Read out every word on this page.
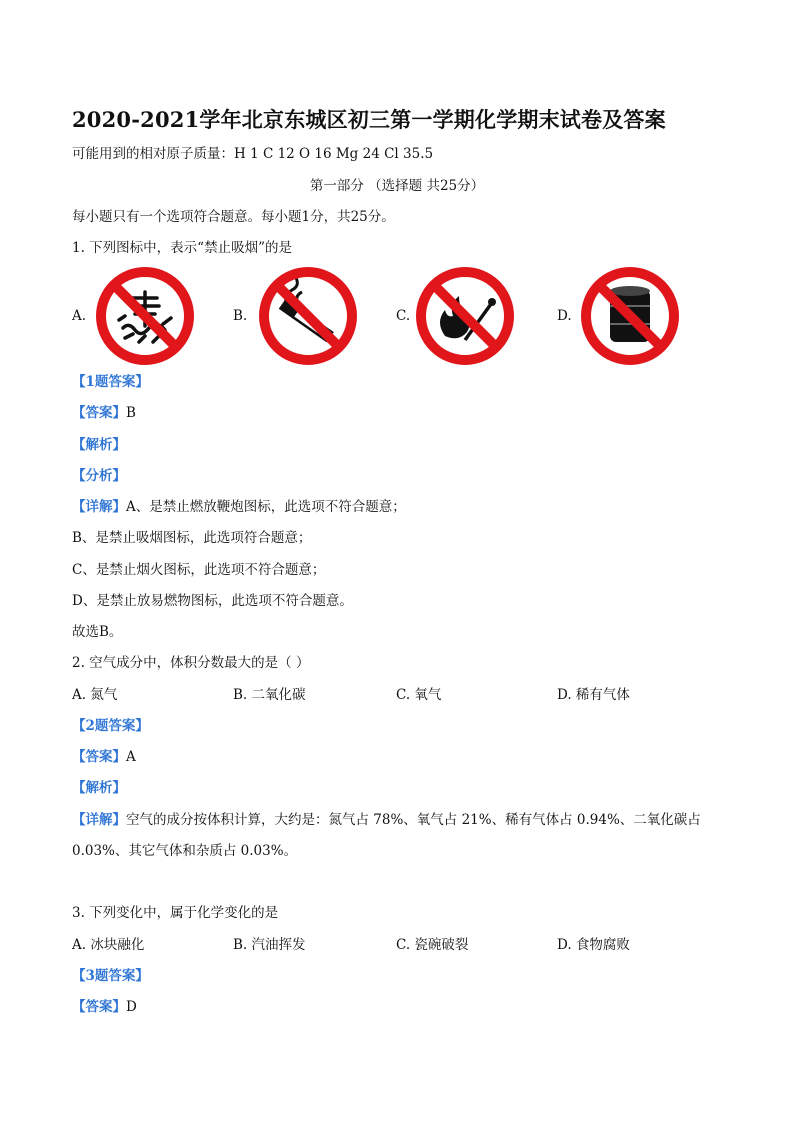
2020-2021学年北京东城区初三第一学期化学期末试卷及答案
可能用到的相对原子质量：H 1 C 12 O 16 Mg 24 Cl 35.5
第一部分 （选择题 共25分）
每小题只有一个选项符合题意。每小题1分，共25分。
1. 下列图标中，表示“禁止吸烟”的是
A.	B.	C.	D.
【1题答案】
【答案】B
【解析】
【分析】
【详解】A、是禁止燃放鞭炮图标，此选项不符合题意；
B、是禁止吸烟图标，此选项符合题意；
C、是禁止烟火图标，此选项不符合题意；
D、是禁止放易燃物图标，此选项不符合题意。
故选B。
2. 空气成分中，体积分数最大的是（ ）
A. 氮气	B. 二氧化碳	C. 氧气	D. 稀有气体
【2题答案】
【答案】A
【解析】
【详解】空气的成分按体积计算，大约是：氮气占 78%、氧气占 21%、稀有气体占 0.94%、二氧化碳占
0.03%、其它气体和杂质占 0.03%。
3. 下列变化中，属于化学变化的是
A. 冰块融化	B. 汽油挥发	C. 瓷碗破裂	D. 食物腐败
【3题答案】
【答案】D
